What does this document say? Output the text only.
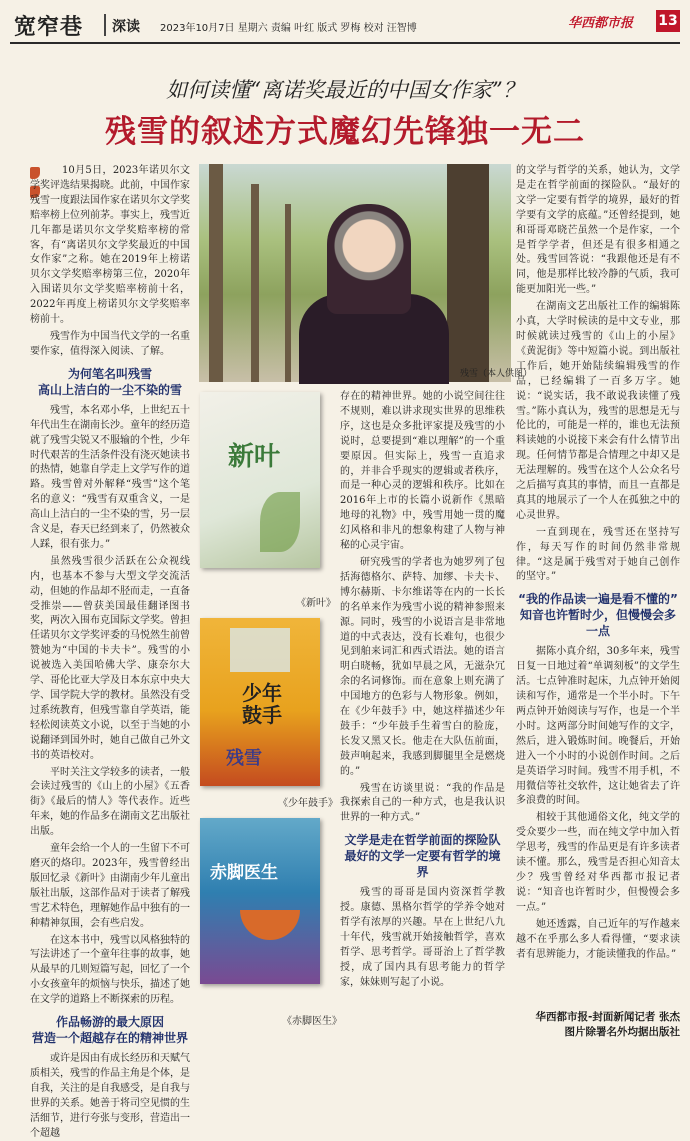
宽窄巷 深读 2023年10月7日 星期六 责编 叶红 版式 罗梅 校对 汪智博	华西都市报 13
如何读懂“离诺奖最近的中国女作家”？
残雪的叙述方式魔幻先锋独一无二

10月5日，2023年诺贝尔文学奖评选结果揭晓。此前，中国作家残雪一度跟法国作家在诺贝尔文学奖赔率榜上位列前茅。事实上，残雪近几年都是诺贝尔文学奖赔率榜的常客，有“离诺贝尔文学奖最近的中国女作家”之称。她在2019年上榜诺贝尔文学奖赔率榜第三位，2020年入围诺贝尔文学奖赔率榜前十名，2022年再度上榜诺贝尔文学奖赔率榜前十。

残雪作为中国当代文学的一名重要作家，值得深入阅读、了解。

为何笔名叫残雪
高山上洁白的一尘不染的雪

残雪，本名邓小华，上世纪五十年代出生在湖南长沙。童年的经历造就了残雪尖锐又不服输的个性，少年时代艰苦的生活条件没有浇灭她读书的热情，她靠自学走上文学写作的道路。残雪曾对外解释“残雪”这个笔名的意义：“残雪有双重含义，一是高山上洁白的一尘不染的雪，另一层含义是，春天已经到来了，仍然被众人踩，很有张力。”

虽然残雪很少活跃在公众视线内，也基本不参与大型文学交流活动，但她的作品却不胫而走，一直备受推崇——曾获美国最佳翻译图书奖，两次入围布克国际文学奖。曾担任诺贝尔文学奖评委的马悦然生前曾赞她为“中国的卡夫卡”。残雪的小说被选入美国哈佛大学、康奈尔大学、哥伦比亚大学及日本东京中央大学、国学院大学的教材。虽然没有受过系统教育，但残雪靠自学英语，能轻松阅读英文小说，以至于当她的小说翻译到国外时，她自己做自己外文书的英语校对。

平时关注文学较多的读者，一般会读过残雪的《山上的小屋》《五香街》《最后的情人》等代表作。近些年来，她的作品多在湖南文艺出版社出版。

童年会给一个人的一生留下不可磨灭的烙印。2023年，残雪曾经出版回忆录《新叶》由湖南少年儿童出版社出版，这部作品对于读者了解残雪艺术特色，理解她作品中独有的一种精神氛围，会有些启发。

在这本书中，残雪以风格独特的写法讲述了一个童年往事的故事，她从最早的几则短篇写起，回忆了一个小女孩童年的烦恼与快乐，描述了她在文学的道路上不断探索的历程。

作品畅游的最大原因
营造一个超越存在的精神世界

或许是因由有成长经历和天赋气质相关，残雪的作品主角是个体，是自我，关注的是自我感受，是自我与世界的关系。她善于将司空见惯的生活细节，进行夸张与变形，营造出一个超越

残雪（本人供图）
新叶
《新叶》
少年
鼓手
残雪
《少年鼓手》
赤脚医生
《赤脚医生》

存在的精神世界。她的小说空间往往不规则，难以讲求现实世界的思维秩序，这也是众多批评家提及残雪的小说时，总要提到“难以理解”的一个重要原因。但实际上，残雪一直追求的，并非合乎现实的逻辑或者秩序，而是一种心灵的逻辑和秩序。比如在2016年上市的长篇小说新作《黑暗地母的礼物》中，残雪用她一贯的魔幻风格和非凡的想象构建了人物与神秘的心灵宇宙。

研究残雪的学者也为她罗列了包括海德格尔、萨特、加缪、卡夫卡、博尔赫斯、卡尔维诺等在内的一长长的名单来作为残雪小说的精神参照来源。同时，残雪的小说语言是非常地道的中式表达，没有长难句，也很少见到舶来词汇和西式语法。她的语言明白晓畅，犹如早晨之风，无滋杂冗余的名词修饰。而在意象上则充满了中国地方的色彩与人物形象。例如，在《少年鼓手》中，她这样描述少年鼓手：“少年鼓手生着雪白的脸庞，长发又黑又长。他走在大队伍前面，鼓声响起来，我感到脚腿里全是燃烧的。”

残雪在访谈里说：“我的作品是我探索自己的一种方式，也是我认识世界的一种方式。”

文学是走在哲学前面的探险队
最好的文学一定要有哲学的境界

残雪的哥哥是国内资深哲学教授。康德、黑格尔哲学的学养令她对哲学有浓厚的兴趣。早在上世纪八九十年代，残雪就开始接触哲学，喜欢哲学、思考哲学。哥哥治上了哲学教授，成了国内具有思考能力的哲学家，妹妹则写起了小说。

的文学与哲学的关系，她认为，文学是走在哲学前面的探险队。“最好的文学一定要有哲学的境界，最好的哲学要有文学的底蕴。”还曾经提到，她和哥哥邓晓芒虽然一个是作家，一个是哲学学者，但还是有很多相通之处。残雪回答说：“我跟他还是有不同，他是那样比较冷静的气质，我可能更加阳光一些。”

在湖南文艺出版社工作的编辑陈小真，大学时候读的是中文专业，那时候就读过残雪的《山上的小屋》《黄泥街》等中短篇小说。到出版社工作后，她开始陆续编辑残雪的作品，已经编辑了一百多万字。她说：“说实话，我不敢说我读懂了残雪。”陈小真认为，残雪的思想是无与伦比的，可能是一样的，谁也无法预料读她的小说接下来会有什么情节出现。任何情节都是合情理之中却又是无法理解的。残雪在这个人公众名号之后描写真其的事情，而且一直都是真其的地展示了一个人在孤独之中的心灵世界。

一直到现在，残雪还在坚持写作，每天写作的时间仍然非常规律。“这是属于残雪对于她自己创作的坚守。”

“我的作品读一遍是看不懂的”
知音也许暂时少，但慢慢会多一点

据陈小真介绍，30多年来，残雪日复一日地过着“单调刻板”的文学生活。七点钟准时起床，九点钟开始阅读和写作，通常是一个半小时。下午两点钟开始阅读与写作，也是一个半小时。这两部分时间她写作的文字，然后，进入锻炼时间。晚餐后，开始进入一个小时的小说创作时间。之后是英语学习时间。残雪不用手机，不用微信等社交软件，这让她省去了许多浪费的时间。

相较于其他通俗文化，纯文学的受众要少一些，而在纯文学中加入哲学思考，残雪的作品更是有许多读者读不懂。那么，残雪是否担心知音太少？残雪曾经对华西都市报记者说：“知音也许暂时少，但慢慢会多一点。”

她还透露，自己近年的写作越来越不在乎那么多人看得懂，“要求读者有思辨能力，才能读懂我的作品。”

华西都市报-封面新闻记者 张杰
图片除署名外均据出版社
